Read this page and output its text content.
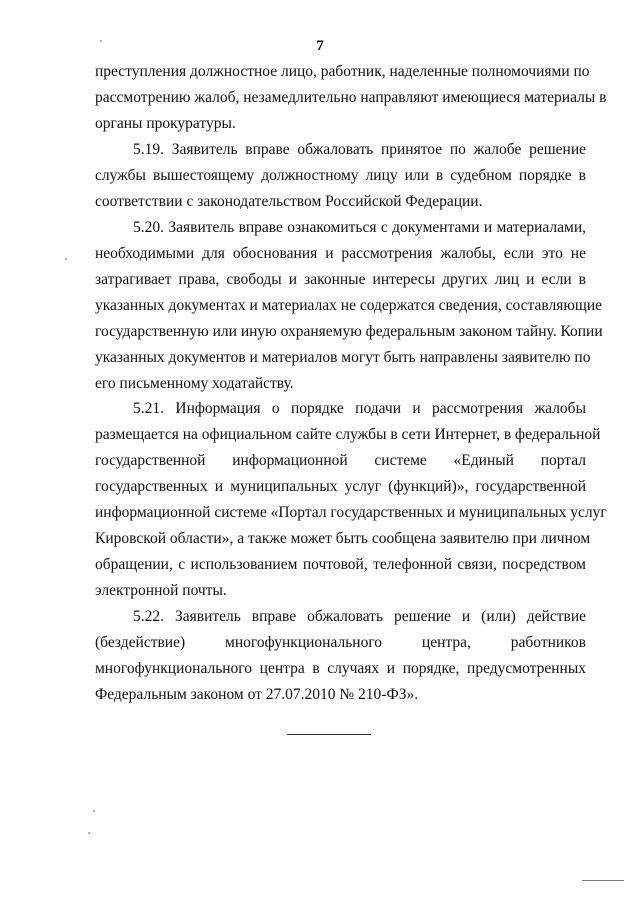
7
преступления должностное лицо, работник, наделенные полномочиями по
рассмотрению жалоб, незамедлительно направляют имеющиеся материалы в
органы прокуратуры.
5.19. Заявитель вправе обжаловать принятое по жалобе решение
службы вышестоящему должностному лицу или в судебном порядке в
соответствии с законодательством Российской Федерации.
5.20. Заявитель вправе ознакомиться с документами и материалами,
необходимыми для обоснования и рассмотрения жалобы, если это не
затрагивает права, свободы и законные интересы других лиц и если в
указанных документах и материалах не содержатся сведения, составляющие
государственную или иную охраняемую федеральным законом тайну. Копии
указанных документов и материалов могут быть направлены заявителю по
его письменному ходатайству.
5.21. Информация о порядке подачи и рассмотрения жалобы
размещается на официальном сайте службы в сети Интернет, в федеральной
государственной информационной системе «Единый портал
государственных и муниципальных услуг (функций)», государственной
информационной системе «Портал государственных и муниципальных услуг
Кировской области», а также может быть сообщена заявителю при личном
обращении, с использованием почтовой, телефонной связи, посредством
электронной почты.
5.22. Заявитель вправе обжаловать решение и (или) действие
(бездействие) многофункционального центра, работников
многофункционального центра в случаях и порядке, предусмотренных
Федеральным законом от 27.07.2010 № 210-ФЗ».
